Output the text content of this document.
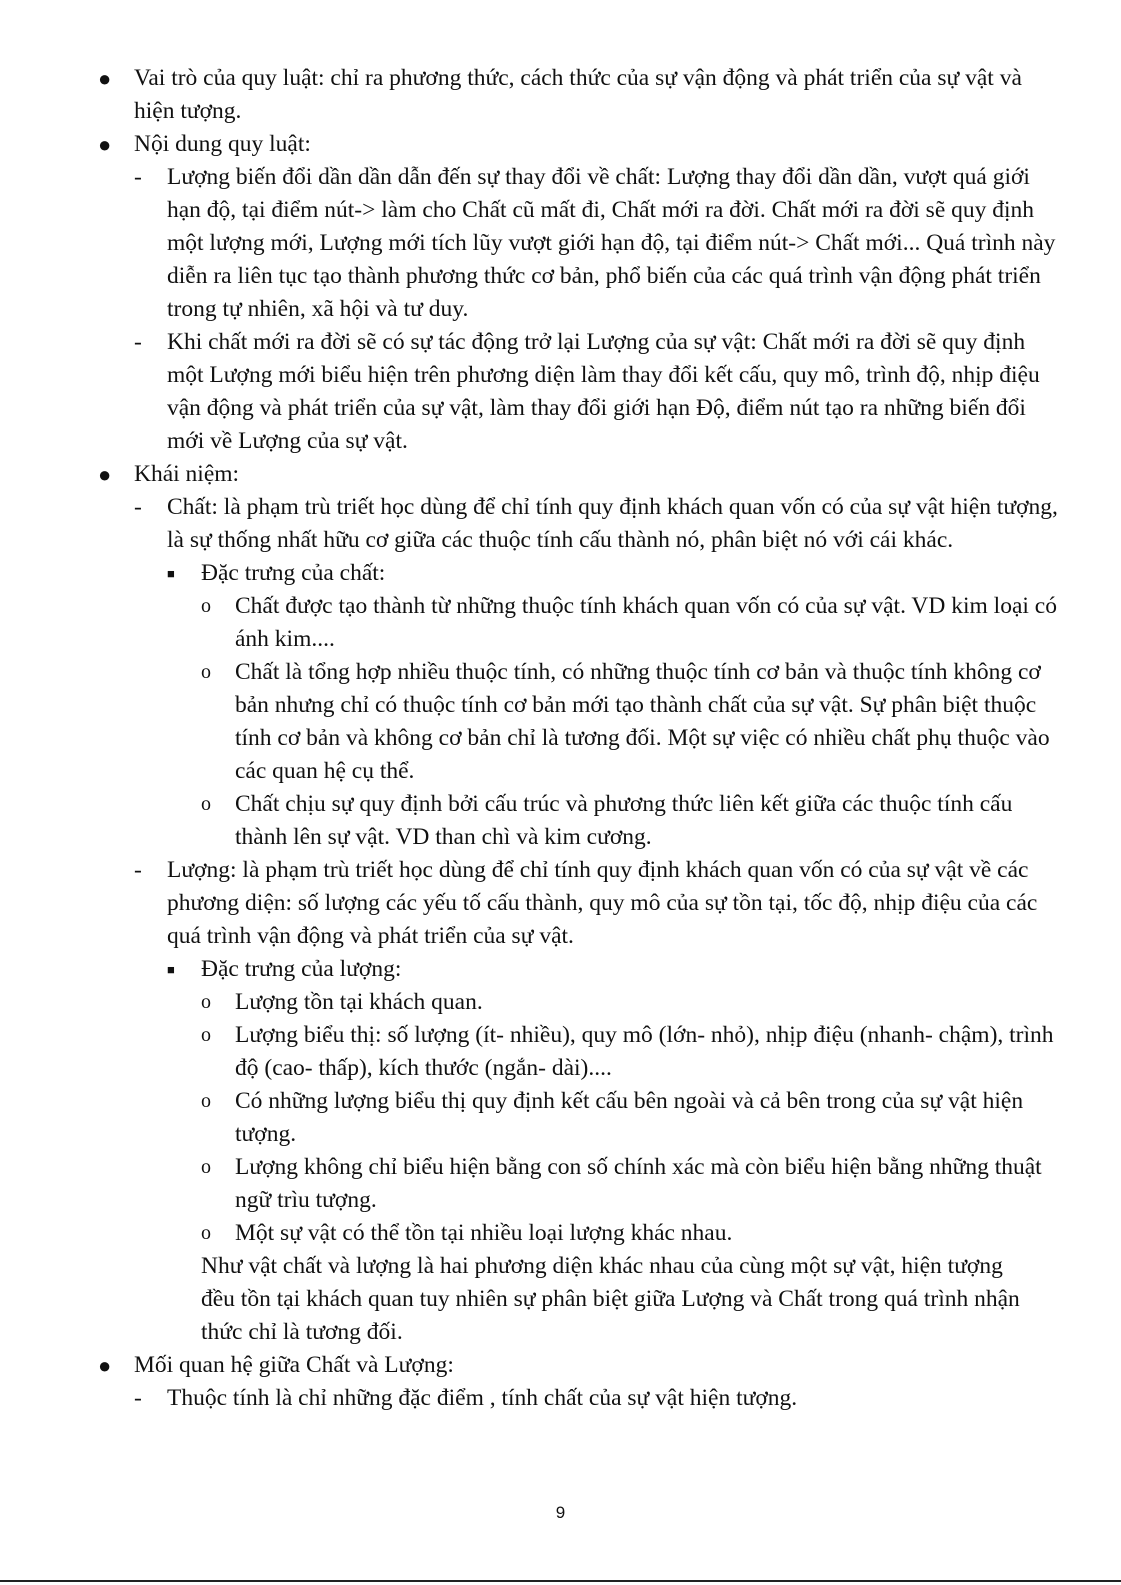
● Vai trò của quy luật: chỉ ra phương thức, cách thức của sự vận động và phát triển của sự vật và hiện tượng.

● Nội dung quy luật:

- Lượng biến đổi dần dần dẫn đến sự thay đổi về chất: Lượng thay đổi dần dần, vượt quá giới hạn độ, tại điểm nút-> làm cho Chất cũ mất đi, Chất mới ra đời. Chất mới ra đời sẽ quy định một lượng mới, Lượng mới tích lũy vượt giới hạn độ, tại điểm nút-> Chất mới... Quá trình này diễn ra liên tục tạo thành phương thức cơ bản, phổ biến của các quá trình vận động phát triển trong tự nhiên, xã hội và tư duy.

- Khi chất mới ra đời sẽ có sự tác động trở lại Lượng của sự vật: Chất mới ra đời sẽ quy định một Lượng mới biểu hiện trên phương diện làm thay đổi kết cấu, quy mô, trình độ, nhịp điệu vận động và phát triển của sự vật, làm thay đổi giới hạn Độ, điểm nút tạo ra những biến đổi mới về Lượng của sự vật.

● Khái niệm:

- Chất: là phạm trù triết học dùng để chỉ tính quy định khách quan vốn có của sự vật hiện tượng, là sự thống nhất hữu cơ giữa các thuộc tính cấu thành nó, phân biệt nó với cái khác.

■ Đặc trưng của chất:

o Chất được tạo thành từ những thuộc tính khách quan vốn có của sự vật. VD kim loại có ánh kim....

o Chất là tổng hợp nhiều thuộc tính, có những thuộc tính cơ bản và thuộc tính không cơ bản nhưng chỉ có thuộc tính cơ bản mới tạo thành chất của sự vật. Sự phân biệt thuộc tính cơ bản và không cơ bản chỉ là tương đối. Một sự việc có nhiều chất phụ thuộc vào các quan hệ cụ thể.

o Chất chịu sự quy định bởi cấu trúc và phương thức liên kết giữa các thuộc tính cấu thành lên sự vật. VD than chì và kim cương.

- Lượng: là phạm trù triết học dùng để chỉ tính quy định khách quan vốn có của sự vật về các phương diện: số lượng các yếu tố cấu thành, quy mô của sự tồn tại, tốc độ, nhịp điệu của các quá trình vận động và phát triển của sự vật.

■ Đặc trưng của lượng:

o Lượng tồn tại khách quan.

o Lượng biểu thị: số lượng (ít- nhiều), quy mô (lớn- nhỏ), nhịp điệu (nhanh- chậm), trình độ (cao- thấp), kích thước (ngắn- dài)....

o Có những lượng biểu thị quy định kết cấu bên ngoài và cả bên trong của sự vật hiện tượng.

o Lượng không chỉ biểu hiện bằng con số chính xác mà còn biểu hiện bằng những thuật ngữ trìu tượng.

o Một sự vật có thể tồn tại nhiều loại lượng khác nhau.

Như vật chất và lượng là hai phương diện khác nhau của cùng một sự vật, hiện tượng đều tồn tại khách quan tuy nhiên sự phân biệt giữa Lượng và Chất trong quá trình nhận thức chỉ là tương đối.

● Mối quan hệ giữa Chất và Lượng:

- Thuộc tính là chỉ những đặc điểm , tính chất của sự vật hiện tượng.

9
